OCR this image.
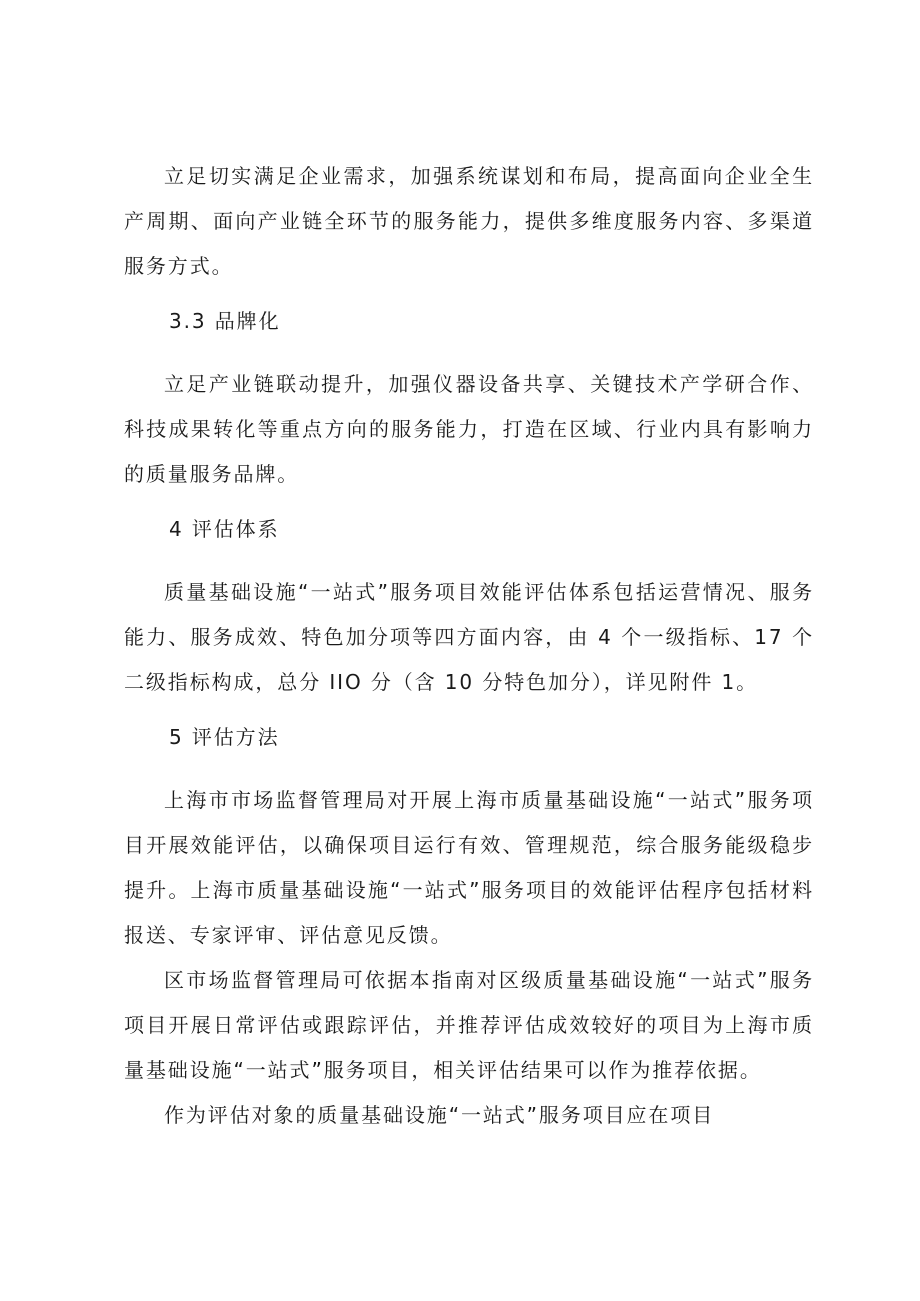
立足切实满足企业需求，加强系统谋划和布局，提高面向企业全生产周期、面向产业链全环节的服务能力，提供多维度服务内容、多渠道服务方式。

3.3 品牌化

立足产业链联动提升，加强仪器设备共享、关键技术产学研合作、科技成果转化等重点方向的服务能力，打造在区域、行业内具有影响力的质量服务品牌。

4 评估体系

质量基础设施“一站式”服务项目效能评估体系包括运营情况、服务能力、服务成效、特色加分项等四方面内容，由 4 个一级指标、17 个二级指标构成，总分 IIO 分（含 10 分特色加分），详见附件 1。

5 评估方法

上海市市场监督管理局对开展上海市质量基础设施“一站式”服务项目开展效能评估，以确保项目运行有效、管理规范，综合服务能级稳步提升。上海市质量基础设施“一站式”服务项目的效能评估程序包括材料报送、专家评审、评估意见反馈。

区市场监督管理局可依据本指南对区级质量基础设施“一站式”服务项目开展日常评估或跟踪评估，并推荐评估成效较好的项目为上海市质量基础设施“一站式”服务项目，相关评估结果可以作为推荐依据。

作为评估对象的质量基础设施“一站式”服务项目应在项目
